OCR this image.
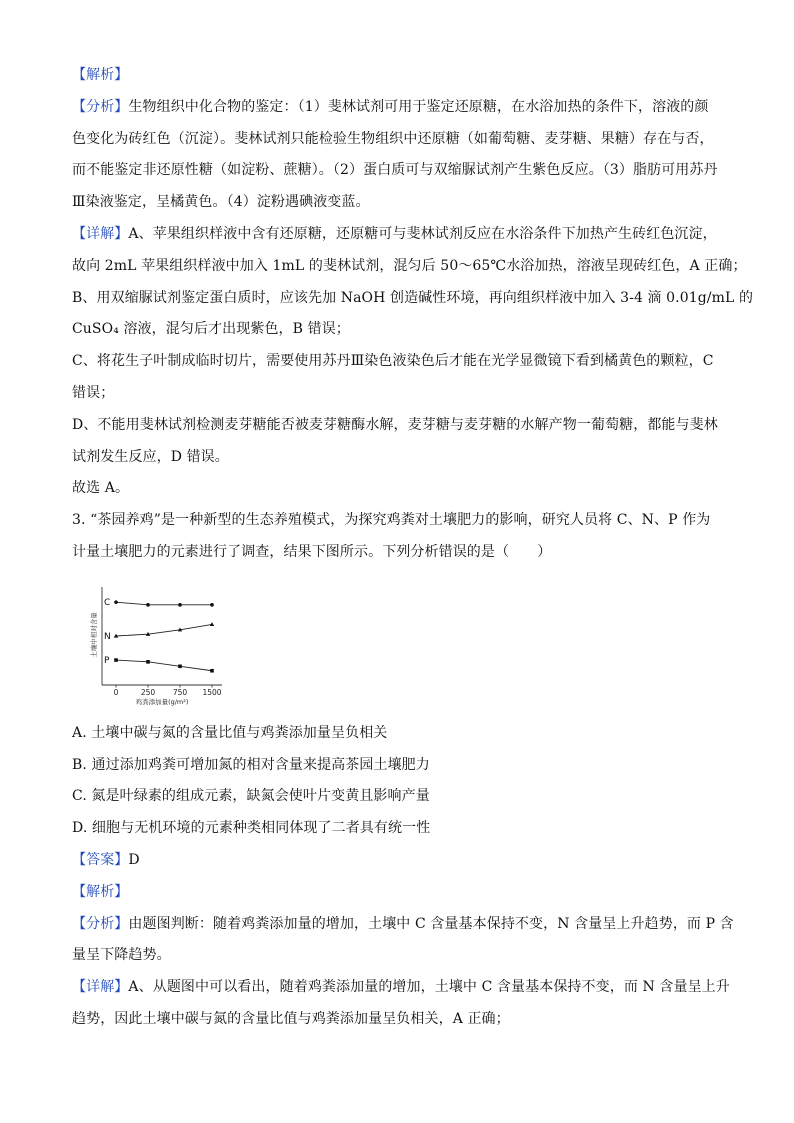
【解析】
【分析】生物组织中化合物的鉴定：（1）斐林试剂可用于鉴定还原糖，在水浴加热的条件下，溶液的颜
色变化为砖红色（沉淀）。斐林试剂只能检验生物组织中还原糖（如葡萄糖、麦芽糖、果糖）存在与否，
而不能鉴定非还原性糖（如淀粉、蔗糖）。（2）蛋白质可与双缩脲试剂产生紫色反应。（3）脂肪可用苏丹
Ⅲ染液鉴定，呈橘黄色。（4）淀粉遇碘液变蓝。
【详解】A、苹果组织样液中含有还原糖，还原糖可与斐林试剂反应在水浴条件下加热产生砖红色沉淀，
故向 2mL 苹果组织样液中加入 1mL 的斐林试剂，混匀后 50～65℃水浴加热，溶液呈现砖红色，A 正确；
B、用双缩脲试剂鉴定蛋白质时，应该先加 NaOH 创造碱性环境，再向组织样液中加入 3-4 滴 0.01g/mL 的
CuSO₄ 溶液，混匀后才出现紫色，B 错误；
C、将花生子叶制成临时切片，需要使用苏丹Ⅲ染色液染色后才能在光学显微镜下看到橘黄色的颗粒，C
错误；
D、不能用斐林试剂检测麦芽糖能否被麦芽糖酶水解，麦芽糖与麦芽糖的水解产物一葡萄糖，都能与斐林
试剂发生反应，D 错误。
故选 A。
3. “茶园养鸡”是一种新型的生态养殖模式，为探究鸡粪对土壤肥力的影响，研究人员将 C、N、P 作为
计量土壤肥力的元素进行了调查，结果下图所示。下列分析错误的是（　　）
土壤中相对含量
鸡粪添加量(g/m²)
0	250 750 1500
C
N
P
A. 土壤中碳与氮的含量比值与鸡粪添加量呈负相关
B. 通过添加鸡粪可增加氮的相对含量来提高茶园土壤肥力
C. 氮是叶绿素的组成元素，缺氮会使叶片变黄且影响产量
D. 细胞与无机环境的元素种类相同体现了二者具有统一性
【答案】D
【解析】
【分析】由题图判断：随着鸡粪添加量的增加，土壤中 C 含量基本保持不变，N 含量呈上升趋势，而 P 含
量呈下降趋势。
【详解】A、从题图中可以看出，随着鸡粪添加量的增加，土壤中 C 含量基本保持不变，而 N 含量呈上升
趋势，因此土壤中碳与氮的含量比值与鸡粪添加量呈负相关，A 正确；
